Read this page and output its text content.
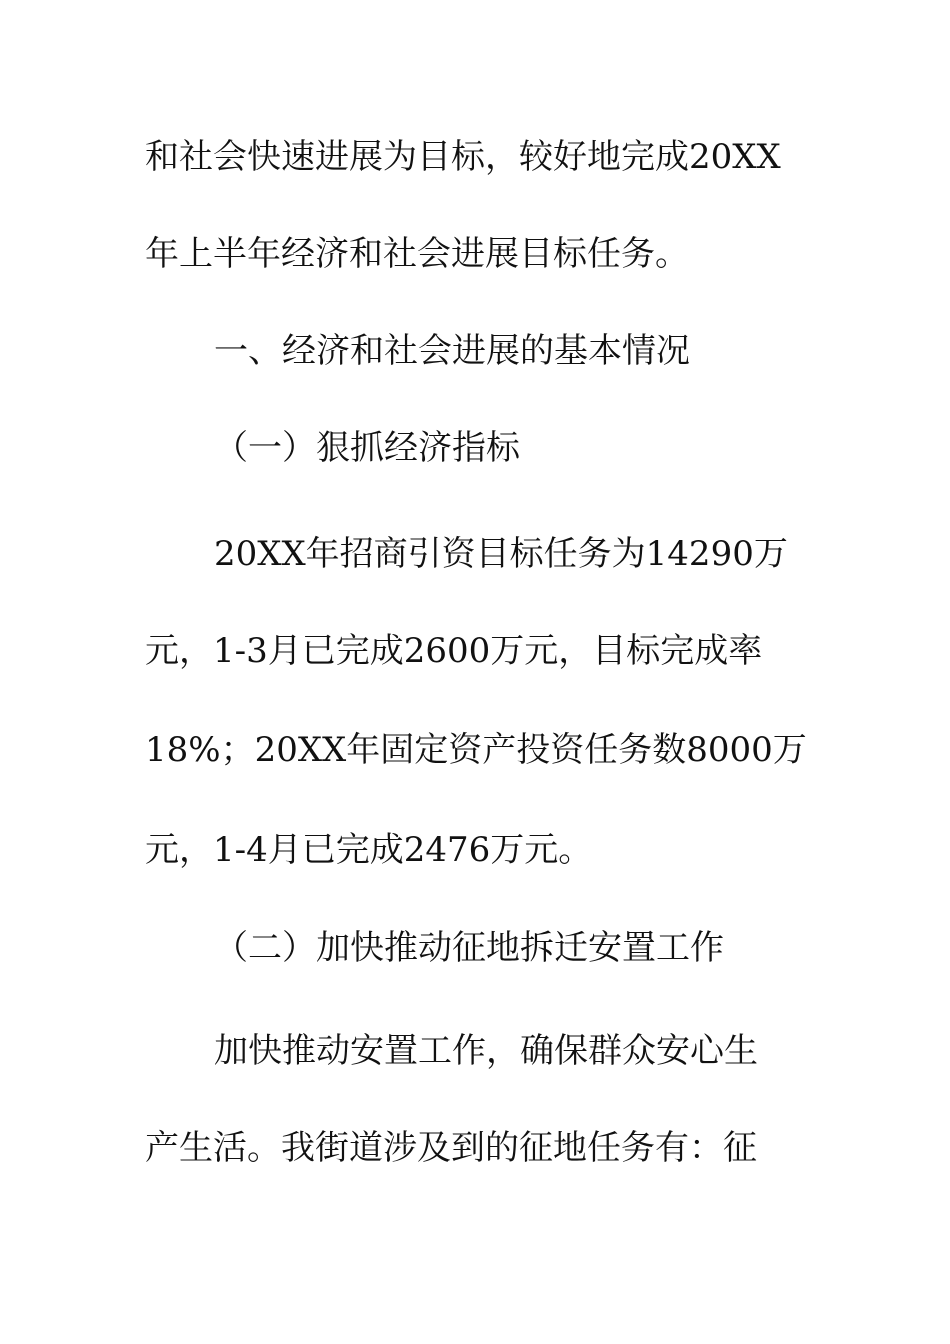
和社会快速进展为目标，较好地完成20XX
年上半年经济和社会进展目标任务。
一、经济和社会进展的基本情况
（一）狠抓经济指标
20XX年招商引资目标任务为14290万
元，1-3月已完成2600万元，目标完成率
18%；20XX年固定资产投资任务数8000万
元，1-4月已完成2476万元。
（二）加快推动征地拆迁安置工作
加快推动安置工作，确保群众安心生
产生活。我街道涉及到的征地任务有：征
